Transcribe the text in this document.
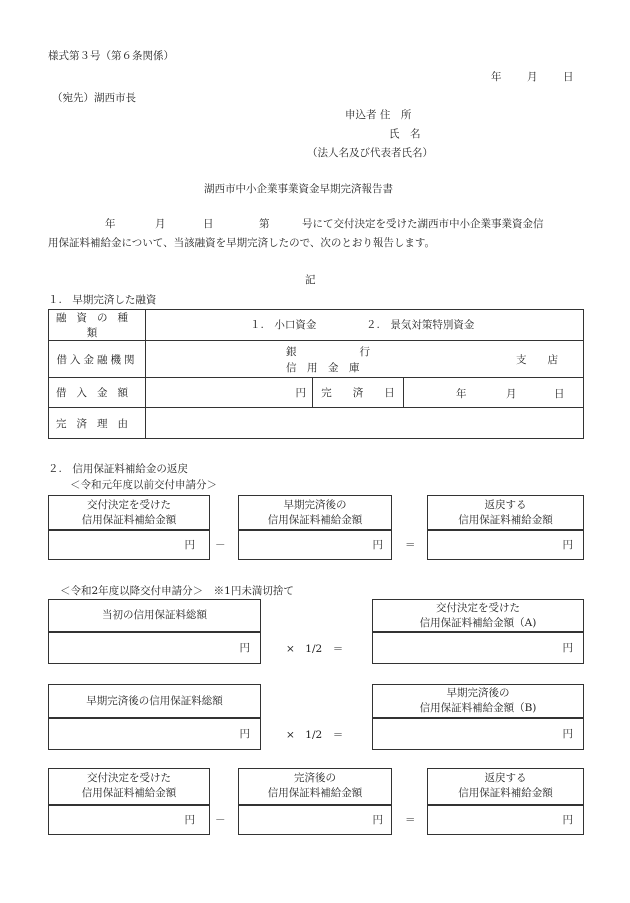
様式第３号（第６条関係）
年 月 日
（宛先）湖西市長
申込者 住　所
氏　名
（法人名及び代表者氏名）
湖西市中小企業事業資金早期完済報告書
年	月	日	第	号にて交付決定を受けた湖西市中小企業事業資金信
用保証料補給金について、当該融資を早期完済したので、次のとおり報告します。
記
１.　早期完済した融資
融資の種類	１.　小口資金 ２.　景気対策特別資金		

借入金融機関	銀　　　　　　行
信　用　金　庫
支　　店		

借入金額	円	完　　済　　日	年 月 日

完済理由			
２.　信用保証料補給金の返戻
＜令和元年度以前交付申請分＞
交付決定を受けた
信用保証料補給金額
円	－
早期完済後の
信用保証料補給金額
円	＝
返戻する
信用保証料補給金額
円
＜令和2年度以降交付申請分＞　※1円未満切捨て
当初の信用保証料総額
円	×　1/2　＝
交付決定を受けた
信用保証料補給金額（A)
円
早期完済後の信用保証料総額
円	×　1/2　＝
早期完済後の
信用保証料補給金額（B)
円
交付決定を受けた
信用保証料補給金額
円	－
完済後の
信用保証料補給金額
円	＝
返戻する
信用保証料補給金額
円
